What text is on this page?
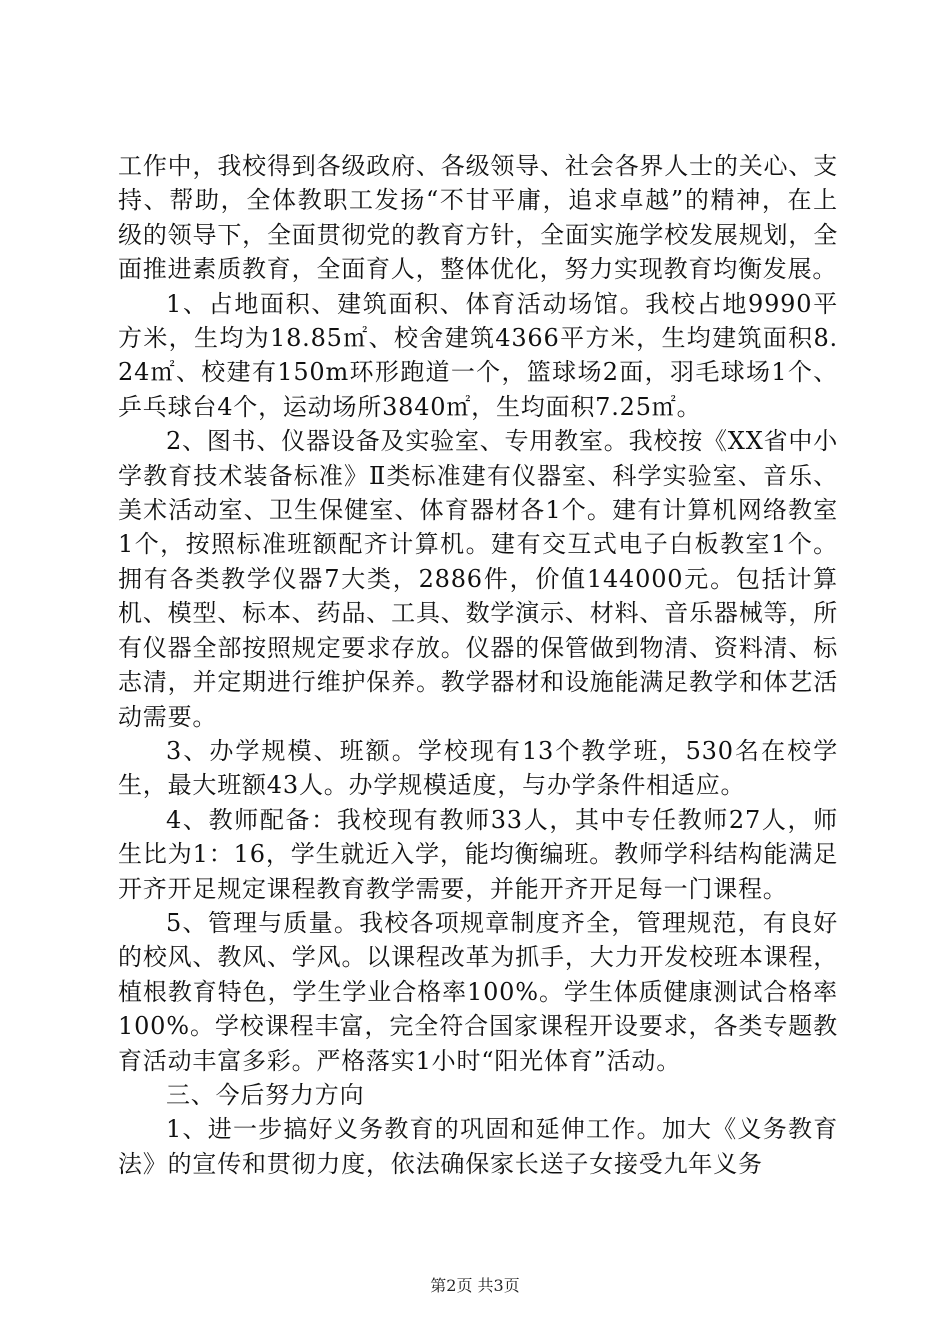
工作中，我校得到各级政府、各级领导、社会各界人士的关心、支持、帮助，全体教职工发扬“不甘平庸，追求卓越”的精神，在上级的领导下，全面贯彻党的教育方针，全面实施学校发展规划，全面推进素质教育，全面育人，整体优化，努力实现教育均衡发展。

1、占地面积、建筑面积、体育活动场馆。我校占地9990平方米，生均为18.85㎡、校舍建筑4366平方米，生均建筑面积8.24㎡、校建有150m环形跑道一个，篮球场2面，羽毛球场1个、乒乓球台4个，运动场所3840㎡，生均面积7.25㎡。

2、图书、仪器设备及实验室、专用教室。我校按《XX省中小学教育技术装备标准》Ⅱ类标准建有仪器室、科学实验室、音乐、美术活动室、卫生保健室、体育器材各1个。建有计算机网络教室1个，按照标准班额配齐计算机。建有交互式电子白板教室1个。拥有各类教学仪器7大类，2886件，价值144000元。包括计算机、模型、标本、药品、工具、数学演示、材料、音乐器械等，所有仪器全部按照规定要求存放。仪器的保管做到物清、资料清、标志清，并定期进行维护保养。教学器材和设施能满足教学和体艺活动需要。

3、办学规模、班额。学校现有13个教学班，530名在校学生，最大班额43人。办学规模适度，与办学条件相适应。

4、教师配备：我校现有教师33人，其中专任教师27人，师生比为1：16，学生就近入学，能均衡编班。教师学科结构能满足开齐开足规定课程教育教学需要，并能开齐开足每一门课程。

5、管理与质量。我校各项规章制度齐全，管理规范，有良好的校风、教风、学风。以课程改革为抓手，大力开发校班本课程，植根教育特色，学生学业合格率100%。学生体质健康测试合格率100%。学校课程丰富，完全符合国家课程开设要求，各类专题教育活动丰富多彩。严格落实1小时“阳光体育”活动。

三、今后努力方向

1、进一步搞好义务教育的巩固和延伸工作。加大《义务教育法》的宣传和贯彻力度，依法确保家长送子女接受九年义务

第2页 共3页
